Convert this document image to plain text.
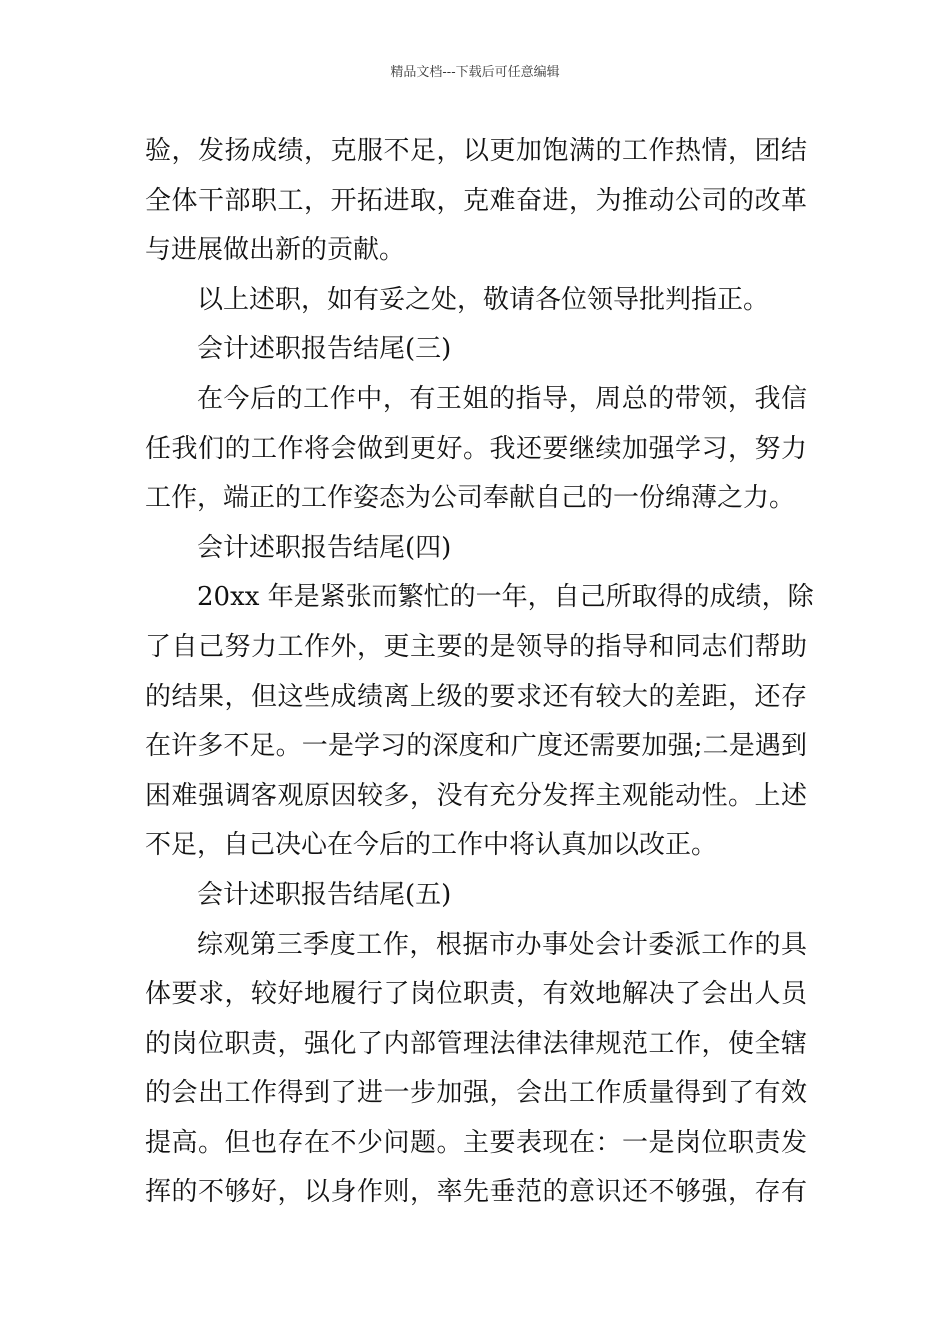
精品文档---下载后可任意编辑
验，发扬成绩，克服不足，以更加饱满的工作热情，团结
全体干部职工，开拓进取，克难奋进，为推动公司的改革
与进展做出新的贡献。
以上述职，如有妥之处，敬请各位领导批判指正。
会计述职报告结尾(三)
在今后的工作中，有王姐的指导，周总的带领，我信
任我们的工作将会做到更好。我还要继续加强学习，努力
工作，端正的工作姿态为公司奉献自己的一份绵薄之力。
会计述职报告结尾(四)
20xx 年是紧张而繁忙的一年，自己所取得的成绩，除
了自己努力工作外，更主要的是领导的指导和同志们帮助
的结果，但这些成绩离上级的要求还有较大的差距，还存
在许多不足。一是学习的深度和广度还需要加强;二是遇到
困难强调客观原因较多，没有充分发挥主观能动性。上述
不足，自己决心在今后的工作中将认真加以改正。
会计述职报告结尾(五)
综观第三季度工作，根据市办事处会计委派工作的具
体要求，较好地履行了岗位职责，有效地解决了会出人员
的岗位职责，强化了内部管理法律法律规范工作，使全辖
的会出工作得到了进一步加强，会出工作质量得到了有效
提高。但也存在不少问题。主要表现在：一是岗位职责发
挥的不够好，以身作则，率先垂范的意识还不够强，存有
